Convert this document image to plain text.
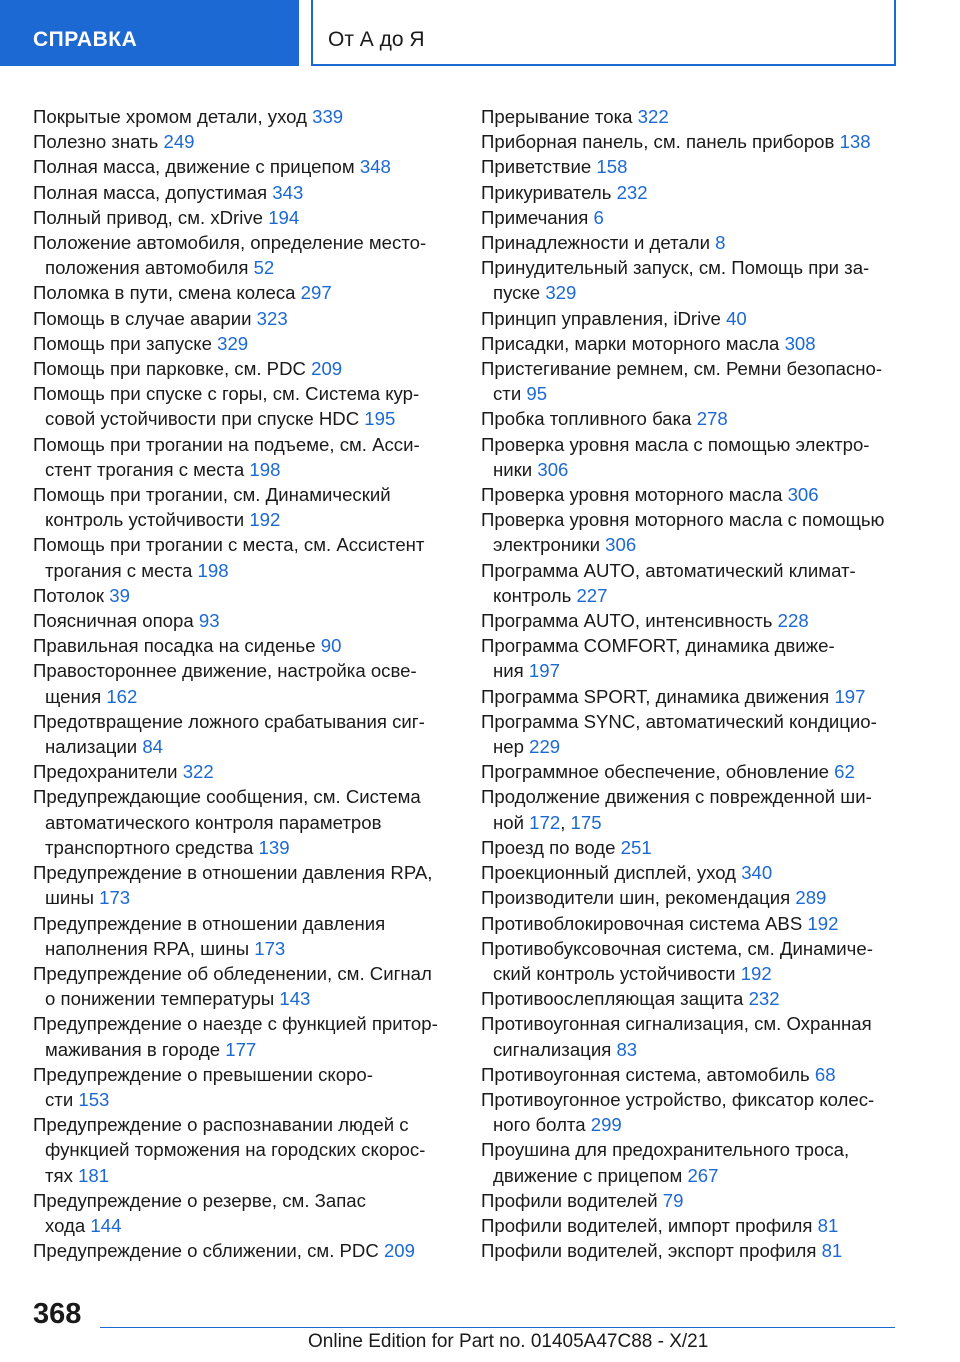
СПРАВКА	От А до Я
Покрытые хромом детали, уход 339
Полезно знать 249
Полная масса, движение с прицепом 348
Полная масса, допустимая 343
Полный привод, см. xDrive 194
Положение автомобиля, определение место-
положения автомобиля 52
Поломка в пути, смена колеса 297
Помощь в случае аварии 323
Помощь при запуске 329
Помощь при парковке, см. PDC 209
Помощь при спуске с горы, см. Система кур-
совой устойчивости при спуске HDC 195
Помощь при трогании на подъеме, см. Асси-
стент трогания с места 198
Помощь при трогании, см. Динамический
контроль устойчивости 192
Помощь при трогании с места, см. Ассистент
трогания с места 198
Потолок 39
Поясничная опора 93
Правильная посадка на сиденье 90
Правостороннее движение, настройка осве-
щения 162
Предотвращение ложного срабатывания сиг-
нализации 84
Предохранители 322
Предупреждающие сообщения, см. Система
автоматического контроля параметров
транспортного средства 139
Предупреждение в отношении давления RPA,
шины 173
Предупреждение в отношении давления
наполнения RPA, шины 173
Предупреждение об обледенении, см. Сигнал
о понижении температуры 143
Предупреждение о наезде с функцией притор-
маживания в городе 177
Предупреждение о превышении скоро-
сти 153
Предупреждение о распознавании людей с
функцией торможения на городских скорос-
тях 181
Предупреждение о резерве, см. Запас
хода 144
Предупреждение о сближении, см. PDC 209
Прерывание тока 322
Приборная панель, см. панель приборов 138
Приветствие 158
Прикуриватель 232
Примечания 6
Принадлежности и детали 8
Принудительный запуск, см. Помощь при за-
пуске 329
Принцип управления, iDrive 40
Присадки, марки моторного масла 308
Пристегивание ремнем, см. Ремни безопасно-
сти 95
Пробка топливного бака 278
Проверка уровня масла с помощью электро-
ники 306
Проверка уровня моторного масла 306
Проверка уровня моторного масла с помощью
электроники 306
Программа AUTO, автоматический климат-
контроль 227
Программа AUTO, интенсивность 228
Программа COMFORT, динамика движе-
ния 197
Программа SPORT, динамика движения 197
Программа SYNC, автоматический кондицио-
нер 229
Программное обеспечение, обновление 62
Продолжение движения с поврежденной ши-
ной 172, 175
Проезд по воде 251
Проекционный дисплей, уход 340
Производители шин, рекомендация 289
Противоблокировочная система ABS 192
Противобуксовочная система, см. Динамиче-
ский контроль устойчивости 192
Противоослепляющая защита 232
Противоугонная сигнализация, см. Охранная
сигнализация 83
Противоугонная система, автомобиль 68
Противоугонное устройство, фиксатор колес-
ного болта 299
Проушина для предохранительного троса,
движение с прицепом 267
Профили водителей 79
Профили водителей, импорт профиля 81
Профили водителей, экспорт профиля 81
368
Online Edition for Part no. 01405A47C88 - X/21
